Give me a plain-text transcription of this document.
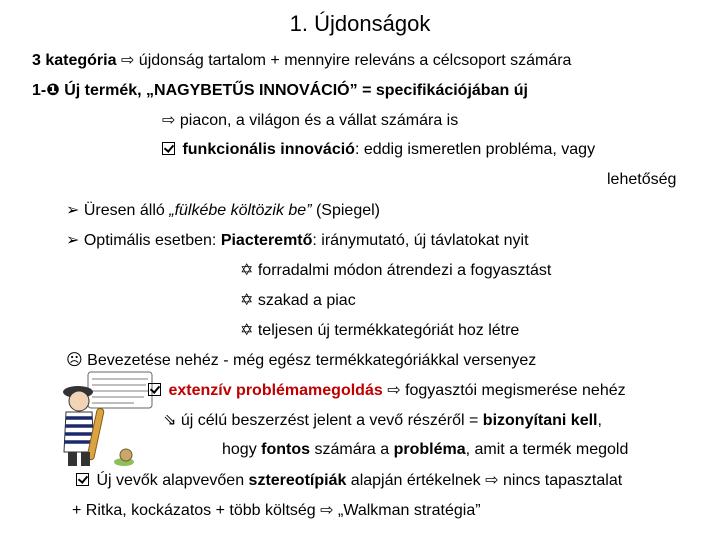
1. Újdonságok
3 kategória ⇨ újdonság tartalom + mennyire releváns a célcsoport számára
1-❶ Új termék, „NAGYBETŰS INNOVÁCIÓ” = specifikációjában új
⇨ piacon, a világon és a vállat számára is
funkcionális innováció: eddig ismeretlen probléma, vagy
lehetőség
➢ Üresen álló „fülkébe költözik be” (Spiegel)
➢ Optimális esetben: Piacteremtő: iránymutató, új távlatokat nyit
✡ forradalmi módon átrendezi a fogyasztást
✡ szakad a piac
✡ teljesen új termékkategóriát hoz létre
☹ Bevezetése nehéz - még egész termékkategóriákkal versenyez
extenzív problémamegoldás ⇨ fogyasztói megismerése nehéz
⇘ új célú beszerzést jelent a vevő részéről = bizonyítani kell,
hogy fontos számára a probléma, amit a termék megold
Új vevők alapvevően sztereotípiák alapján értékelnek ⇨ nincs tapasztalat
+ Ritka, kockázatos + több költség ⇨ „Walkman stratégia”
